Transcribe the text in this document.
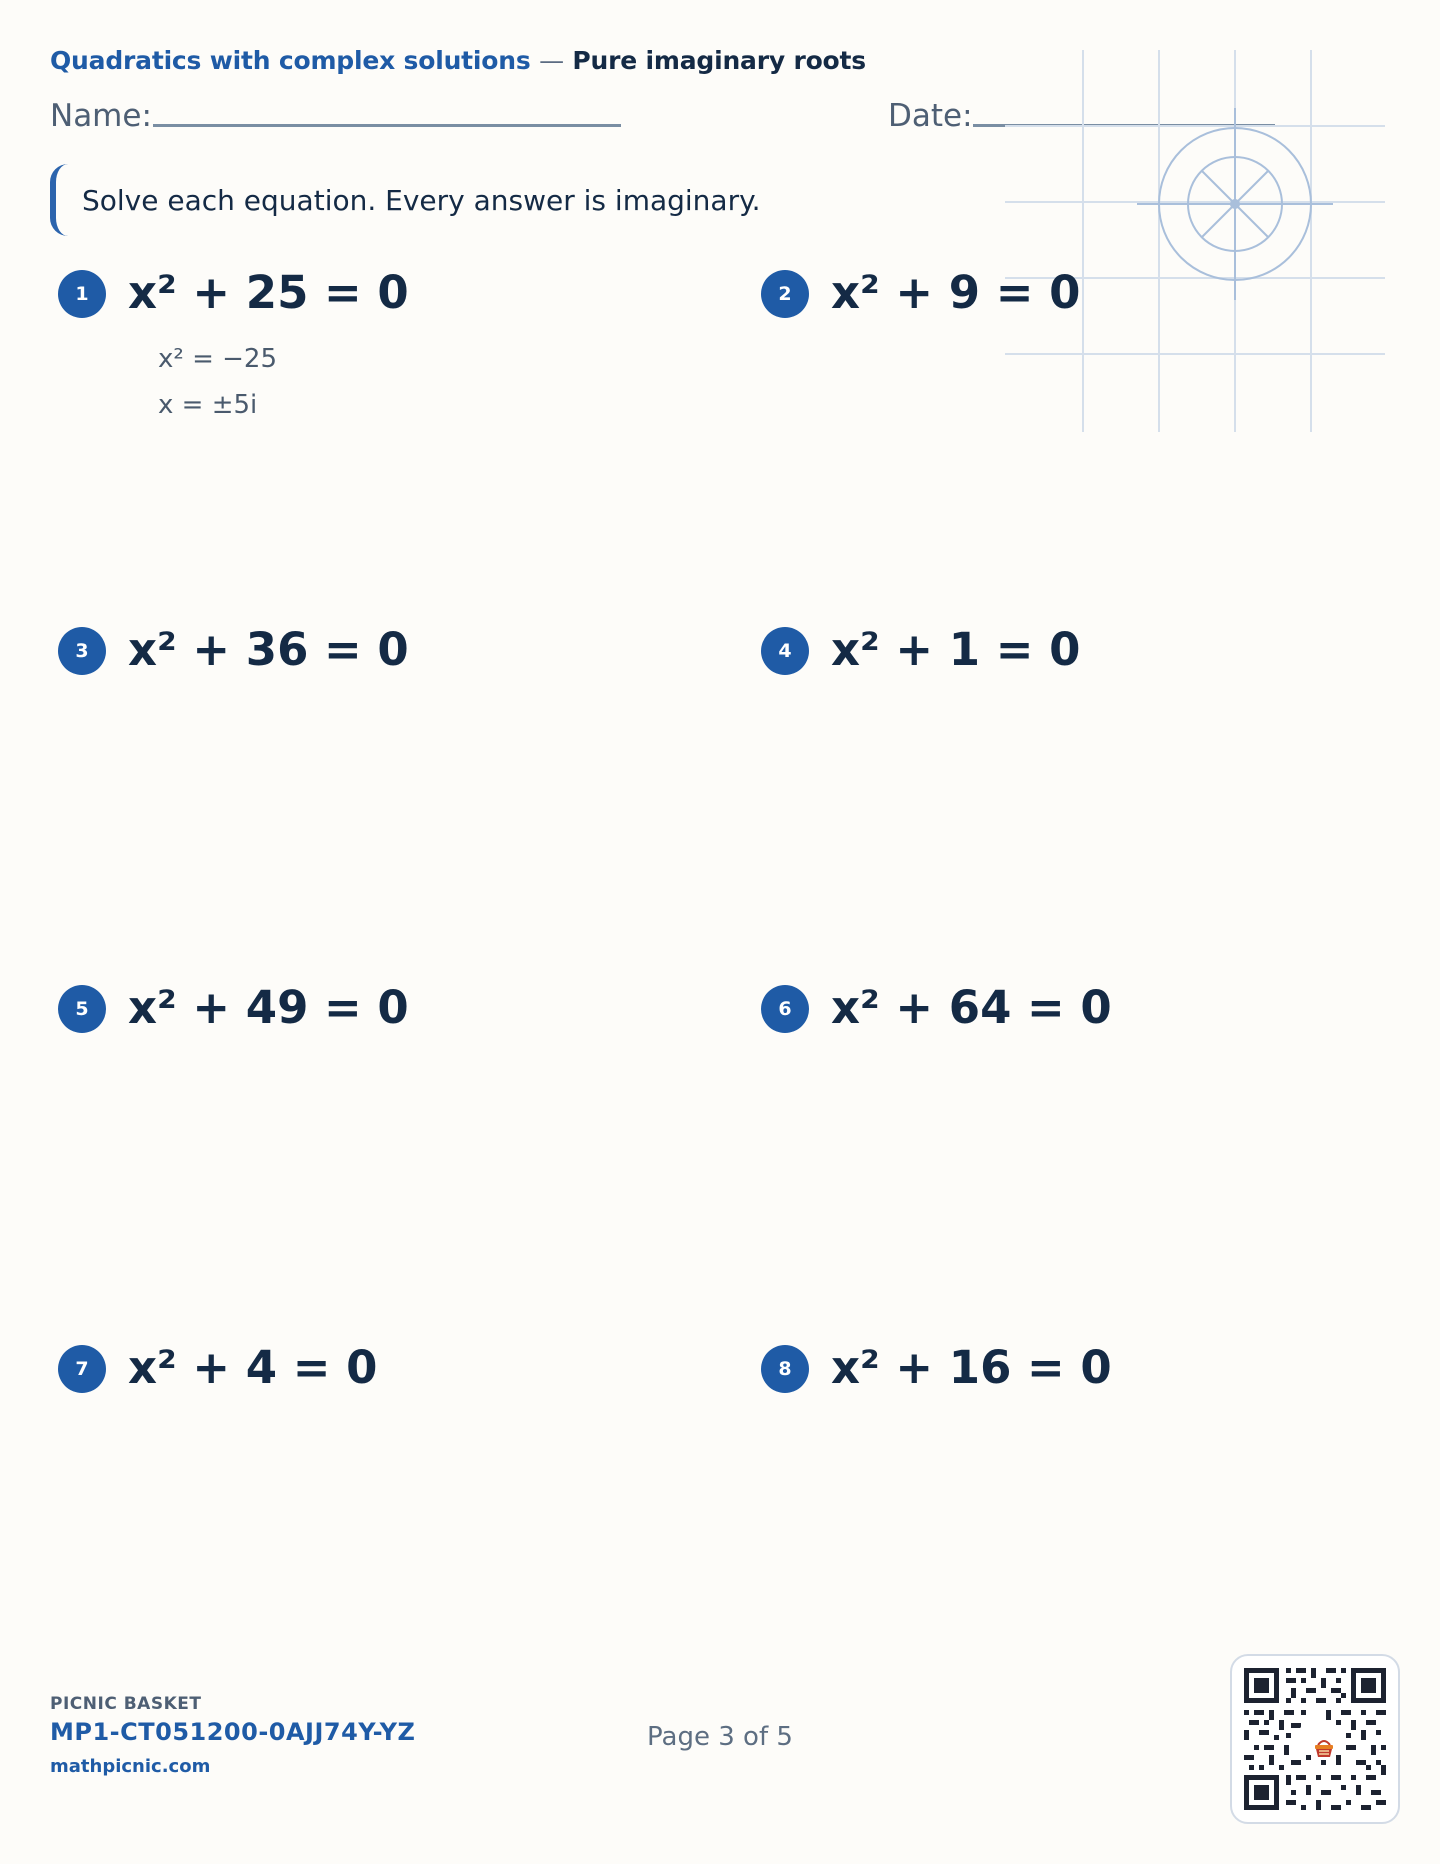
Quadratics with complex solutions — Pure imaginary roots
Name:	Date:
Solve each equation. Every answer is imaginary.
1 x² + 25 = 0
x² = −25
x = ±5i
2 x² + 9 = 0
3 x² + 36 = 0	4 x² + 1 = 0
5 x² + 49 = 0	6 x² + 64 = 0
7 x² + 4 = 0	8 x² + 16 = 0
PICNIC BASKET
MP1-CT051200-0AJJ74Y-YZ
mathpicnic.com
Page 3 of 5
